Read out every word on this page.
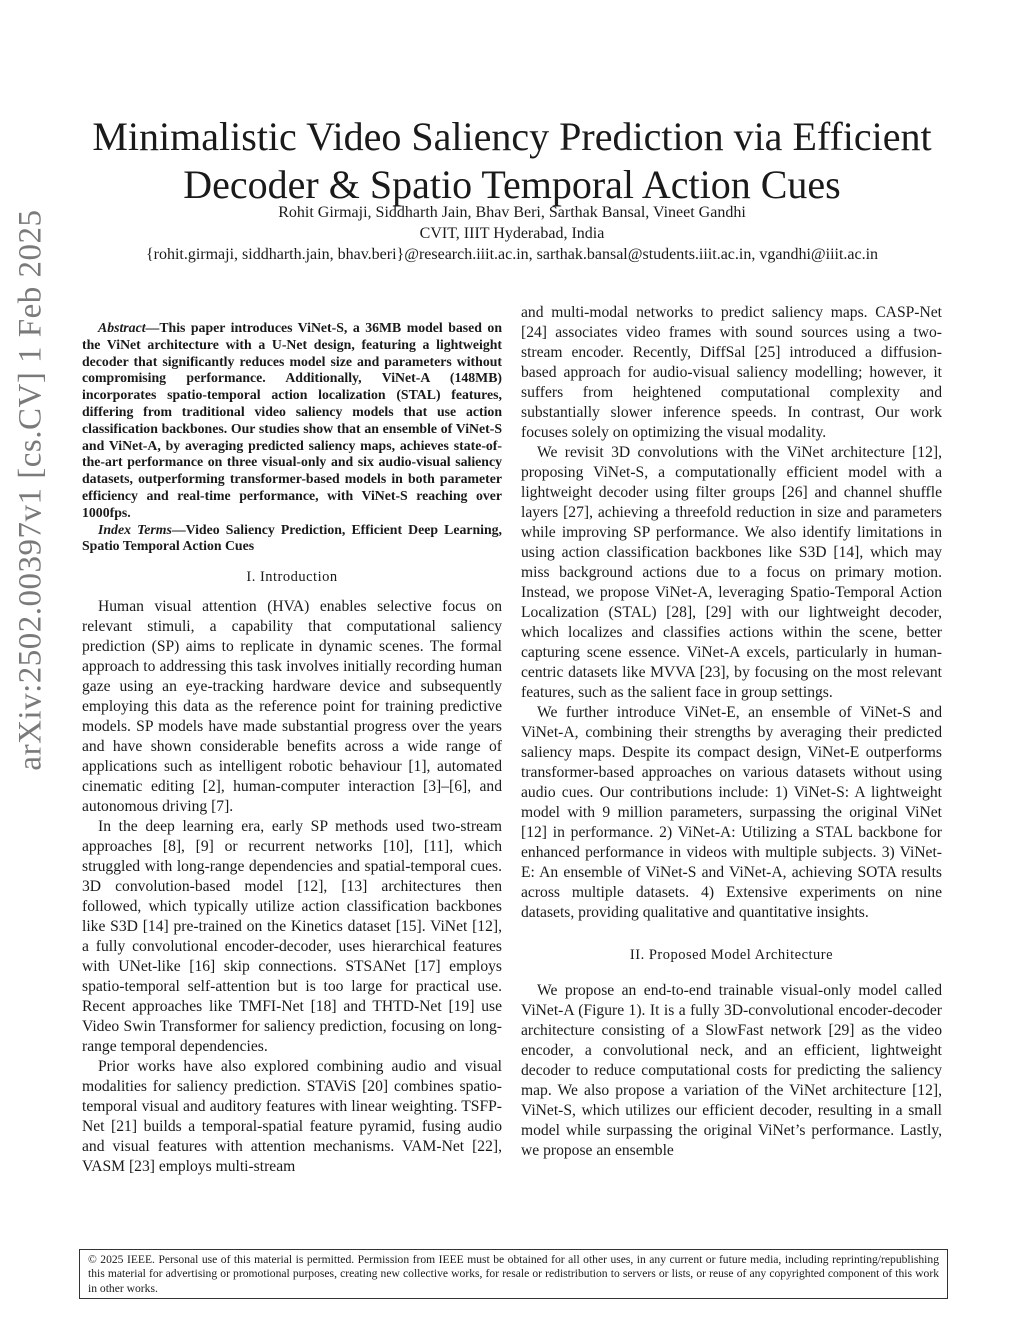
arXiv:2502.00397v1 [cs.CV] 1 Feb 2025
Minimalistic Video Saliency Prediction via Efficient Decoder & Spatio Temporal Action Cues
Rohit Girmaji, Siddharth Jain, Bhav Beri, Sarthak Bansal, Vineet Gandhi
CVIT, IIIT Hyderabad, India
{rohit.girmaji, siddharth.jain, bhav.beri}@research.iiit.ac.in, sarthak.bansal@students.iiit.ac.in, vgandhi@iiit.ac.in

Abstract—This paper introduces ViNet-S, a 36MB model based on the ViNet architecture with a U-Net design, featuring a lightweight decoder that significantly reduces model size and parameters without compromising performance. Additionally, ViNet-A (148MB) incorporates spatio-temporal action localization (STAL) features, differing from traditional video saliency models that use action classification backbones. Our studies show that an ensemble of ViNet-S and ViNet-A, by averaging predicted saliency maps, achieves state-of-the-art performance on three visual-only and six audio-visual saliency datasets, outperforming transformer-based models in both parameter efficiency and real-time performance, with ViNet-S reaching over 1000fps.

Index Terms—Video Saliency Prediction, Efficient Deep Learning, Spatio Temporal Action Cues

I. Introduction

Human visual attention (HVA) enables selective focus on relevant stimuli, a capability that computational saliency prediction (SP) aims to replicate in dynamic scenes. The formal approach to addressing this task involves initially recording human gaze using an eye-tracking hardware device and subsequently employing this data as the reference point for training predictive models. SP models have made substantial progress over the years and have shown considerable benefits across a wide range of applications such as intelligent robotic behaviour [1], automated cinematic editing [2], human-computer interaction [3]–[6], and autonomous driving [7].

In the deep learning era, early SP methods used two-stream approaches [8], [9] or recurrent networks [10], [11], which struggled with long-range dependencies and spatial-temporal cues. 3D convolution-based model [12], [13] architectures then followed, which typically utilize action classification backbones like S3D [14] pre-trained on the Kinetics dataset [15]. ViNet [12], a fully convolutional encoder-decoder, uses hierarchical features with UNet-like [16] skip connections. STSANet [17] employs spatio-temporal self-attention but is too large for practical use. Recent approaches like TMFI-Net [18] and THTD-Net [19] use Video Swin Transformer for saliency prediction, focusing on long-range temporal dependencies.

Prior works have also explored combining audio and visual modalities for saliency prediction. STAViS [20] combines spatio-temporal visual and auditory features with linear weighting. TSFP-Net [21] builds a temporal-spatial feature pyramid, fusing audio and visual features with attention mechanisms. VAM-Net [22], VASM [23] employs multi-stream

and multi-modal networks to predict saliency maps. CASP-Net [24] associates video frames with sound sources using a two-stream encoder. Recently, DiffSal [25] introduced a diffusion-based approach for audio-visual saliency modelling; however, it suffers from heightened computational complexity and substantially slower inference speeds. In contrast, Our work focuses solely on optimizing the visual modality.

We revisit 3D convolutions with the ViNet architecture [12], proposing ViNet-S, a computationally efficient model with a lightweight decoder using filter groups [26] and channel shuffle layers [27], achieving a threefold reduction in size and parameters while improving SP performance. We also identify limitations in using action classification backbones like S3D [14], which may miss background actions due to a focus on primary motion. Instead, we propose ViNet-A, leveraging Spatio-Temporal Action Localization (STAL) [28], [29] with our lightweight decoder, which localizes and classifies actions within the scene, better capturing scene essence. ViNet-A excels, particularly in human-centric datasets like MVVA [23], by focusing on the most relevant features, such as the salient face in group settings.

We further introduce ViNet-E, an ensemble of ViNet-S and ViNet-A, combining their strengths by averaging their predicted saliency maps. Despite its compact design, ViNet-E outperforms transformer-based approaches on various datasets without using audio cues. Our contributions include: 1) ViNet-S: A lightweight model with 9 million parameters, surpassing the original ViNet [12] in performance. 2) ViNet-A: Utilizing a STAL backbone for enhanced performance in videos with multiple subjects. 3) ViNet-E: An ensemble of ViNet-S and ViNet-A, achieving SOTA results across multiple datasets. 4) Extensive experiments on nine datasets, providing qualitative and quantitative insights.

II. Proposed Model Architecture

We propose an end-to-end trainable visual-only model called ViNet-A (Figure 1). It is a fully 3D-convolutional encoder-decoder architecture consisting of a SlowFast network [29] as the video encoder, a convolutional neck, and an efficient, lightweight decoder to reduce computational costs for predicting the saliency map. We also propose a variation of the ViNet architecture [12], ViNet-S, which utilizes our efficient decoder, resulting in a small model while surpassing the original ViNet’s performance. Lastly, we propose an ensemble

© 2025 IEEE. Personal use of this material is permitted. Permission from IEEE must be obtained for all other uses, in any current or future media, including reprinting/republishing this material for advertising or promotional purposes, creating new collective works, for resale or redistribution to servers or lists, or reuse of any copyrighted component of this work in other works.
